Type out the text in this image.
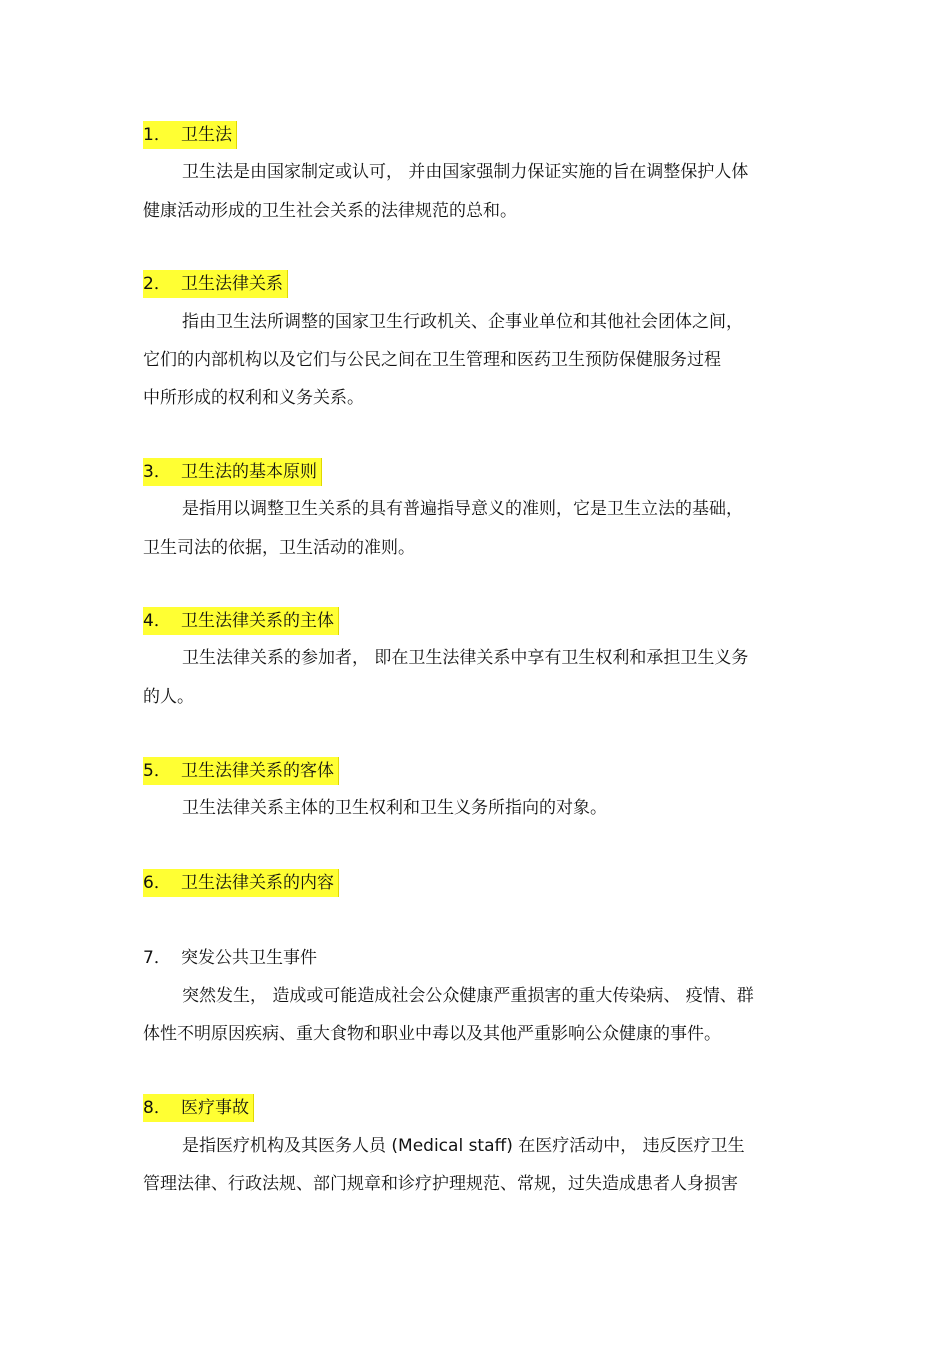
1． 卫生法
卫生法是由国家制定或认可， 并由国家强制力保证实施的旨在调整保护人体
健康活动形成的卫生社会关系的法律规范的总和。
2． 卫生法律关系
指由卫生法所调整的国家卫生行政机关、企事业单位和其他社会团体之间，
它们的内部机构以及它们与公民之间在卫生管理和医药卫生预防保健服务过程
中所形成的权利和义务关系。
3． 卫生法的基本原则
是指用以调整卫生关系的具有普遍指导意义的准则，它是卫生立法的基础，
卫生司法的依据，卫生活动的准则。
4． 卫生法律关系的主体
卫生法律关系的参加者， 即在卫生法律关系中享有卫生权利和承担卫生义务
的人。
5． 卫生法律关系的客体
卫生法律关系主体的卫生权利和卫生义务所指向的对象。
6． 卫生法律关系的内容
7． 突发公共卫生事件
突然发生， 造成或可能造成社会公众健康严重损害的重大传染病、 疫情、群
体性不明原因疾病、重大食物和职业中毒以及其他严重影响公众健康的事件。
8． 医疗事故
是指医疗机构及其医务人员 (Medical staff) 在医疗活动中， 违反医疗卫生
管理法律、行政法规、部门规章和诊疗护理规范、常规，过失造成患者人身损害
